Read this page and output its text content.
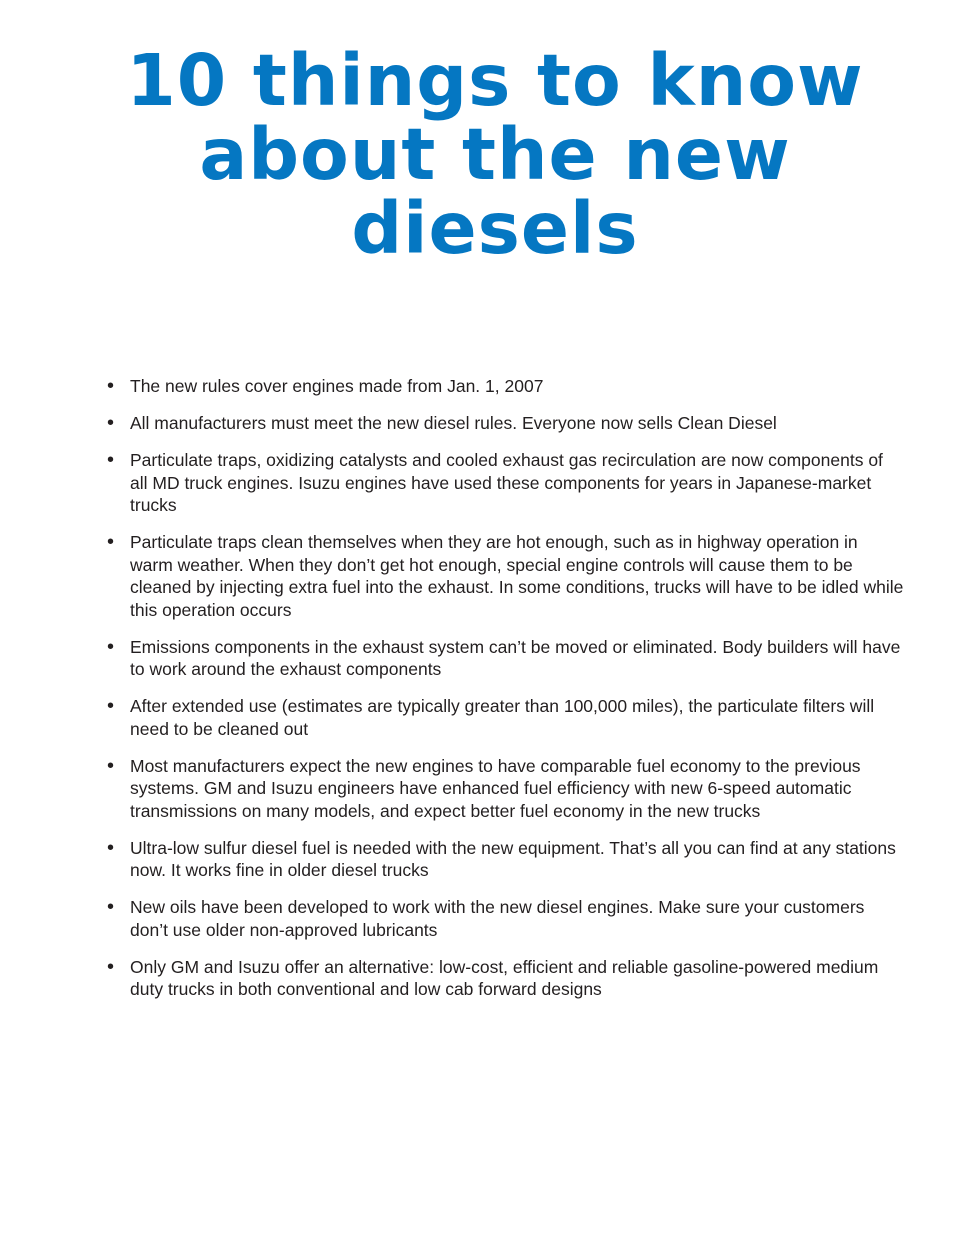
10 things to know
about the new
diesels
• The new rules cover engines made from Jan. 1, 2007
• All manufacturers must meet the new diesel rules. Everyone now sells Clean Diesel
• Particulate traps, oxidizing catalysts and cooled exhaust gas recirculation are now components of all MD truck engines. Isuzu engines have used these components for years in Japanese-market trucks
• Particulate traps clean themselves when they are hot enough, such as in highway operation in warm weather. When they don’t get hot enough, special engine controls will cause them to be cleaned by injecting extra fuel into the exhaust. In some conditions, trucks will have to be idled while this operation occurs
• Emissions components in the exhaust system can’t be moved or eliminated. Body builders will have to work around the exhaust components
• After extended use (estimates are typically greater than 100,000 miles), the particulate filters will need to be cleaned out
• Most manufacturers expect the new engines to have comparable fuel economy to the previous systems. GM and Isuzu engineers have enhanced fuel efficiency with new 6-speed automatic transmissions on many models, and expect better fuel economy in the new trucks
• Ultra-low sulfur diesel fuel is needed with the new equipment. That’s all you can find at any stations now. It works fine in older diesel trucks
• New oils have been developed to work with the new diesel engines. Make sure your customers don’t use older non-approved lubricants
• Only GM and Isuzu offer an alternative: low-cost, efficient and reliable gasoline-powered medium duty trucks in both conventional and low cab forward designs
